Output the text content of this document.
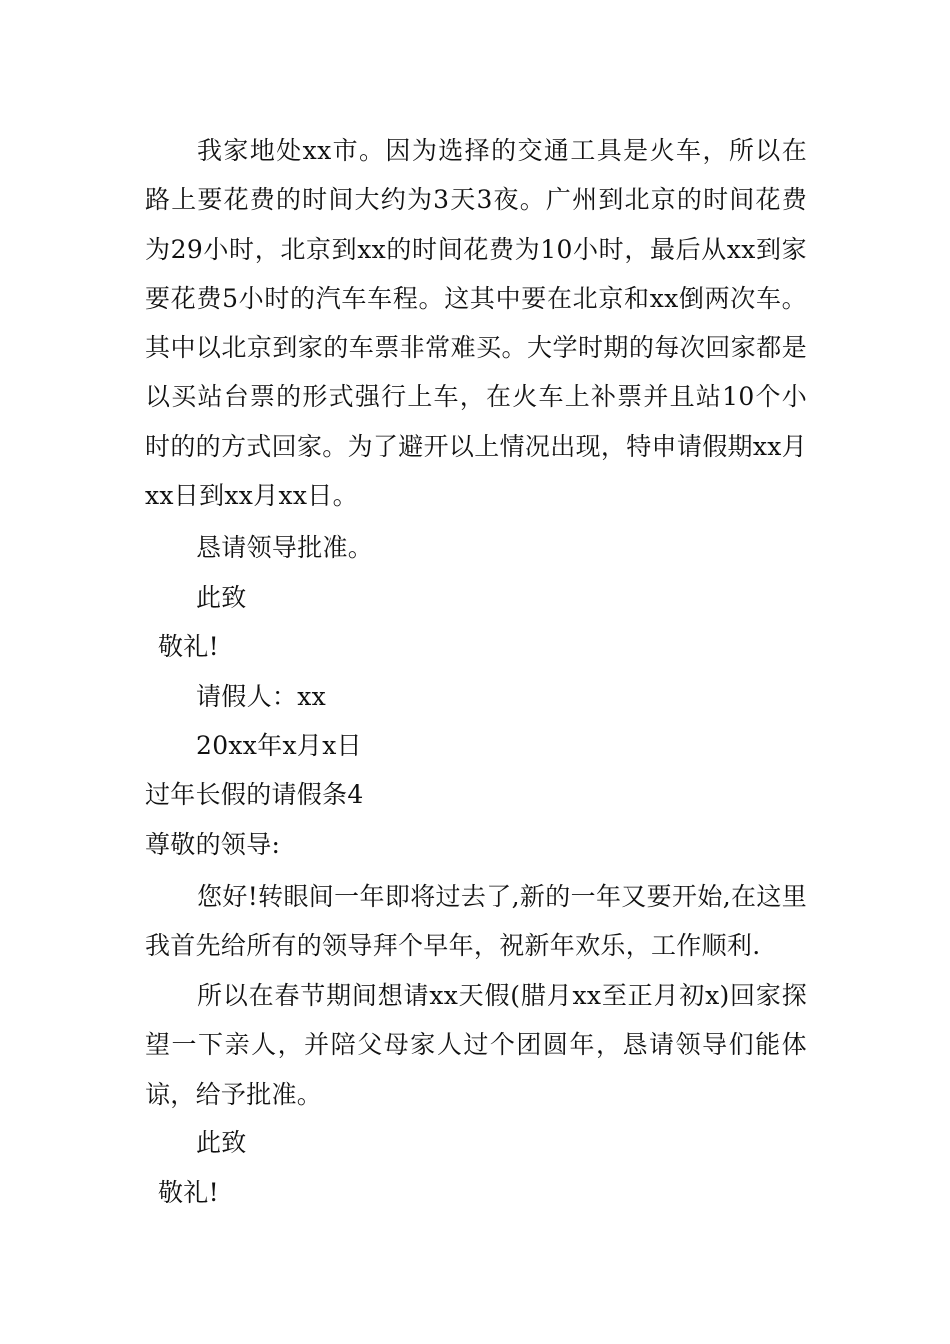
我家地处xx市。因为选择的交通工具是火车，所以在路上要花费的时间大约为3天3夜。广州到北京的时间花费为29小时，北京到xx的时间花费为10小时，最后从xx到家要花费5小时的汽车车程。这其中要在北京和xx倒两次车。其中以北京到家的车票非常难买。大学时期的每次回家都是以买站台票的形式强行上车，在火车上补票并且站10个小时的的方式回家。为了避开以上情况出现，特申请假期xx月xx日到xx月xx日。

恳请领导批准。
此致
敬礼!
请假人：xx
20xx年x月x日
过年长假的请假条4
尊敬的领导:

您好!转眼间一年即将过去了,新的一年又要开始,在这里我首先给所有的领导拜个早年，祝新年欢乐，工作顺利.

所以在春节期间想请xx天假(腊月xx至正月初x)回家探望一下亲人，并陪父母家人过个团圆年，恳请领导们能体谅，给予批准。

此致
敬礼!
